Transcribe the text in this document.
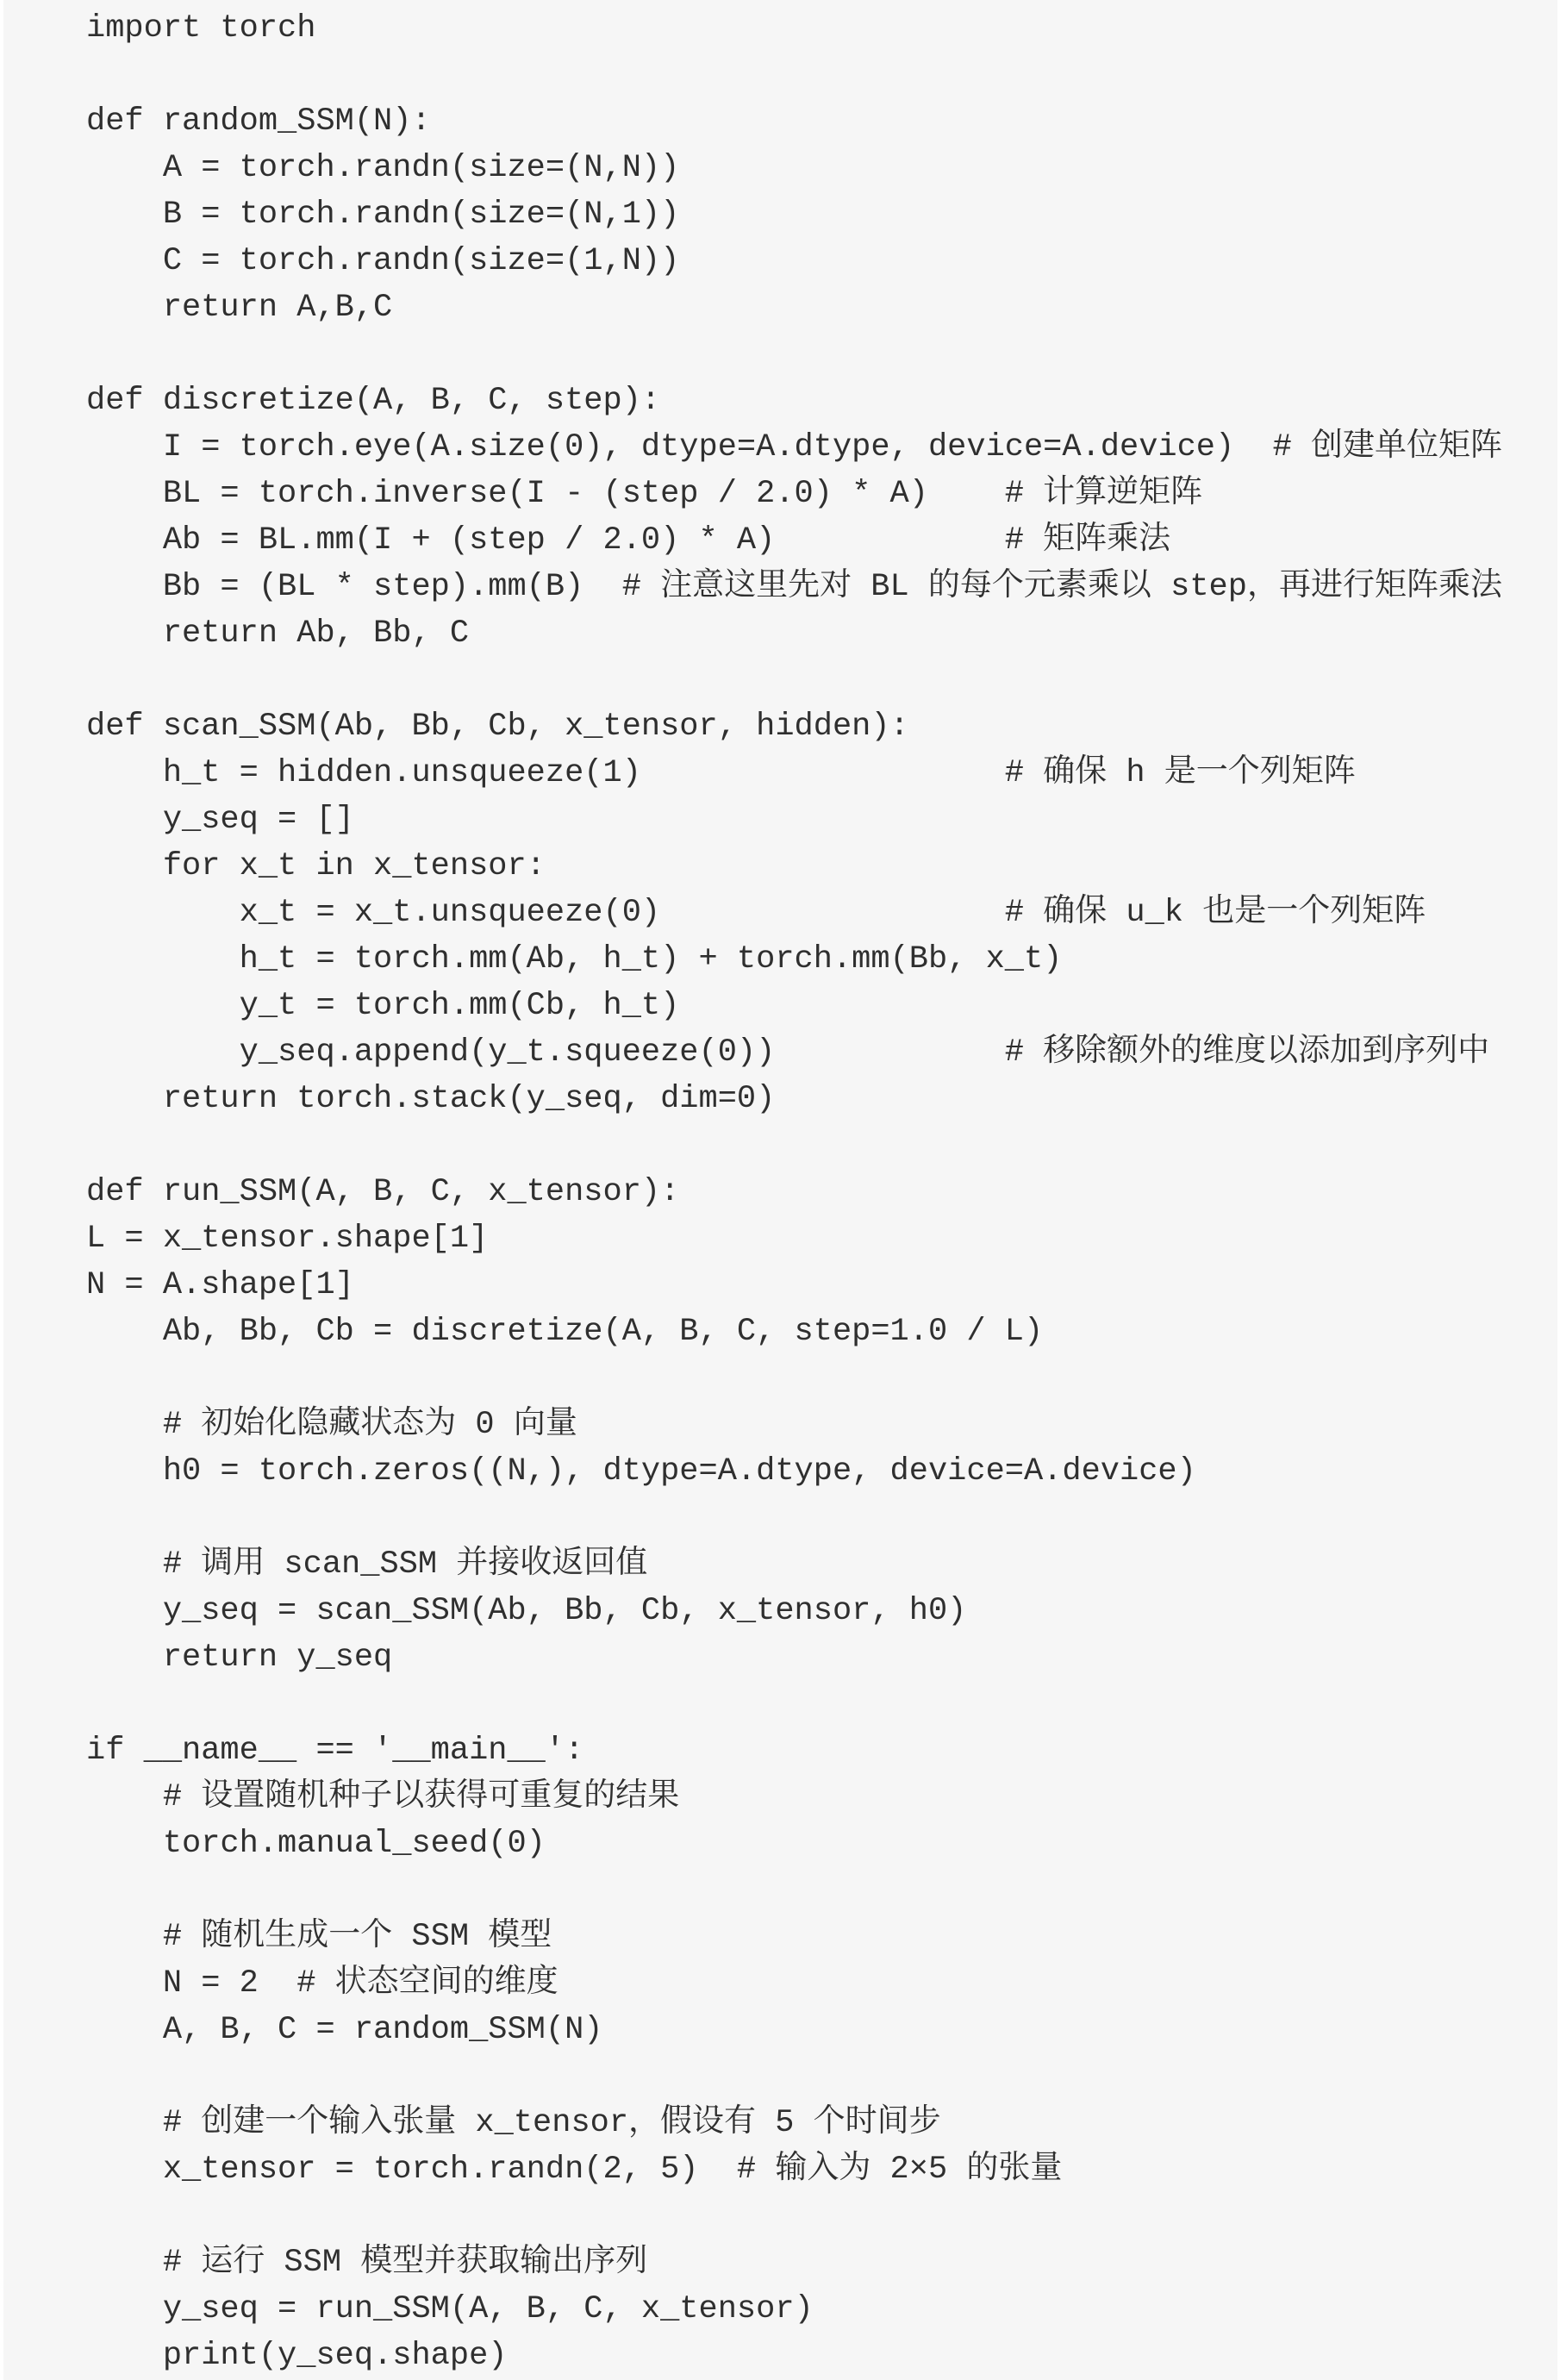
import torch
def random_SSM(N):
A = torch.randn(size=(N,N))
B = torch.randn(size=(N,1))
C = torch.randn(size=(1,N))
return A,B,C
def discretize(A, B, C, step):
I = torch.eye(A.size(0), dtype=A.dtype, device=A.device)  # 创建单位矩阵
BL = torch.inverse(I - (step / 2.0) * A)    # 计算逆矩阵
Ab = BL.mm(I + (step / 2.0) * A)            # 矩阵乘法
Bb = (BL * step).mm(B)  # 注意这里先对 BL 的每个元素乘以 step，再进行矩阵乘法
return Ab, Bb, C
def scan_SSM(Ab, Bb, Cb, x_tensor, hidden):
h_t = hidden.unsqueeze(1)                   # 确保 h 是一个列矩阵
y_seq = []
for x_t in x_tensor:
x_t = x_t.unsqueeze(0)                  # 确保 u_k 也是一个列矩阵
h_t = torch.mm(Ab, h_t) + torch.mm(Bb, x_t)
y_t = torch.mm(Cb, h_t)
y_seq.append(y_t.squeeze(0))            # 移除额外的维度以添加到序列中
return torch.stack(y_seq, dim=0)
def run_SSM(A, B, C, x_tensor):
L = x_tensor.shape[1]
N = A.shape[1]
Ab, Bb, Cb = discretize(A, B, C, step=1.0 / L)
# 初始化隐藏状态为 0 向量
h0 = torch.zeros((N,), dtype=A.dtype, device=A.device)
# 调用 scan_SSM 并接收返回值
y_seq = scan_SSM(Ab, Bb, Cb, x_tensor, h0)
return y_seq
if __name__ == '__main__':
# 设置随机种子以获得可重复的结果
torch.manual_seed(0)
# 随机生成一个 SSM 模型
N = 2  # 状态空间的维度
A, B, C = random_SSM(N)
# 创建一个输入张量 x_tensor，假设有 5 个时间步
x_tensor = torch.randn(2, 5)  # 输入为 2×5 的张量
# 运行 SSM 模型并获取输出序列
y_seq = run_SSM(A, B, C, x_tensor)
print(y_seq.shape)
